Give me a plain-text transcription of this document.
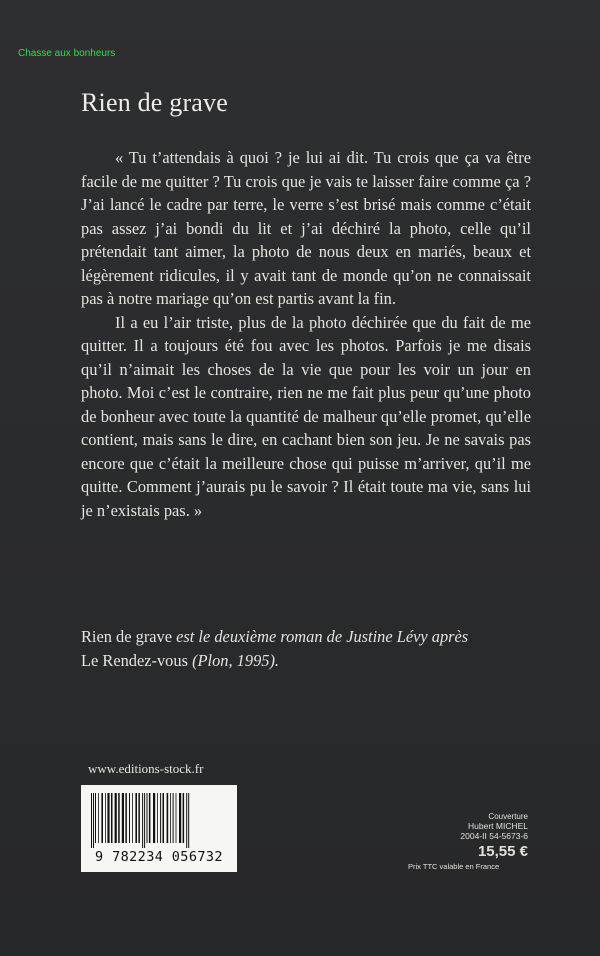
Chasse aux bonheurs
Rien de grave

« Tu t’attendais à quoi ? je lui ai dit. Tu crois que ça va être facile de me quitter ? Tu crois que je vais te laisser faire comme ça ? J’ai lancé le cadre par terre, le verre s’est brisé mais comme c’était pas assez j’ai bondi du lit et j’ai déchiré la photo, celle qu’il prétendait tant aimer, la photo de nous deux en mariés, beaux et légèrement ridicules, il y avait tant de monde qu’on ne connaissait pas à notre mariage qu’on est partis avant la fin.

Il a eu l’air triste, plus de la photo déchirée que du fait de me quitter. Il a toujours été fou avec les photos. Parfois je me disais qu’il n’aimait les choses de la vie que pour les voir un jour en photo. Moi c’est le contraire, rien ne me fait plus peur qu’une photo de bonheur avec toute la quantité de malheur qu’elle promet, qu’elle contient, mais sans le dire, en cachant bien son jeu. Je ne savais pas encore que c’était la meilleure chose qui puisse m’arriver, qu’il me quitte. Comment j’aurais pu le savoir ? Il était toute ma vie, sans lui je n’existais pas. »

Rien de grave est le deuxième roman de Justine Lévy après
Le Rendez-vous (Plon, 1995).
www.editions-stock.fr
9 782234 056732
Couverture
Hubert MICHEL
2004-II 54-5673-6
15,55 €
Prix TTC valable en France
